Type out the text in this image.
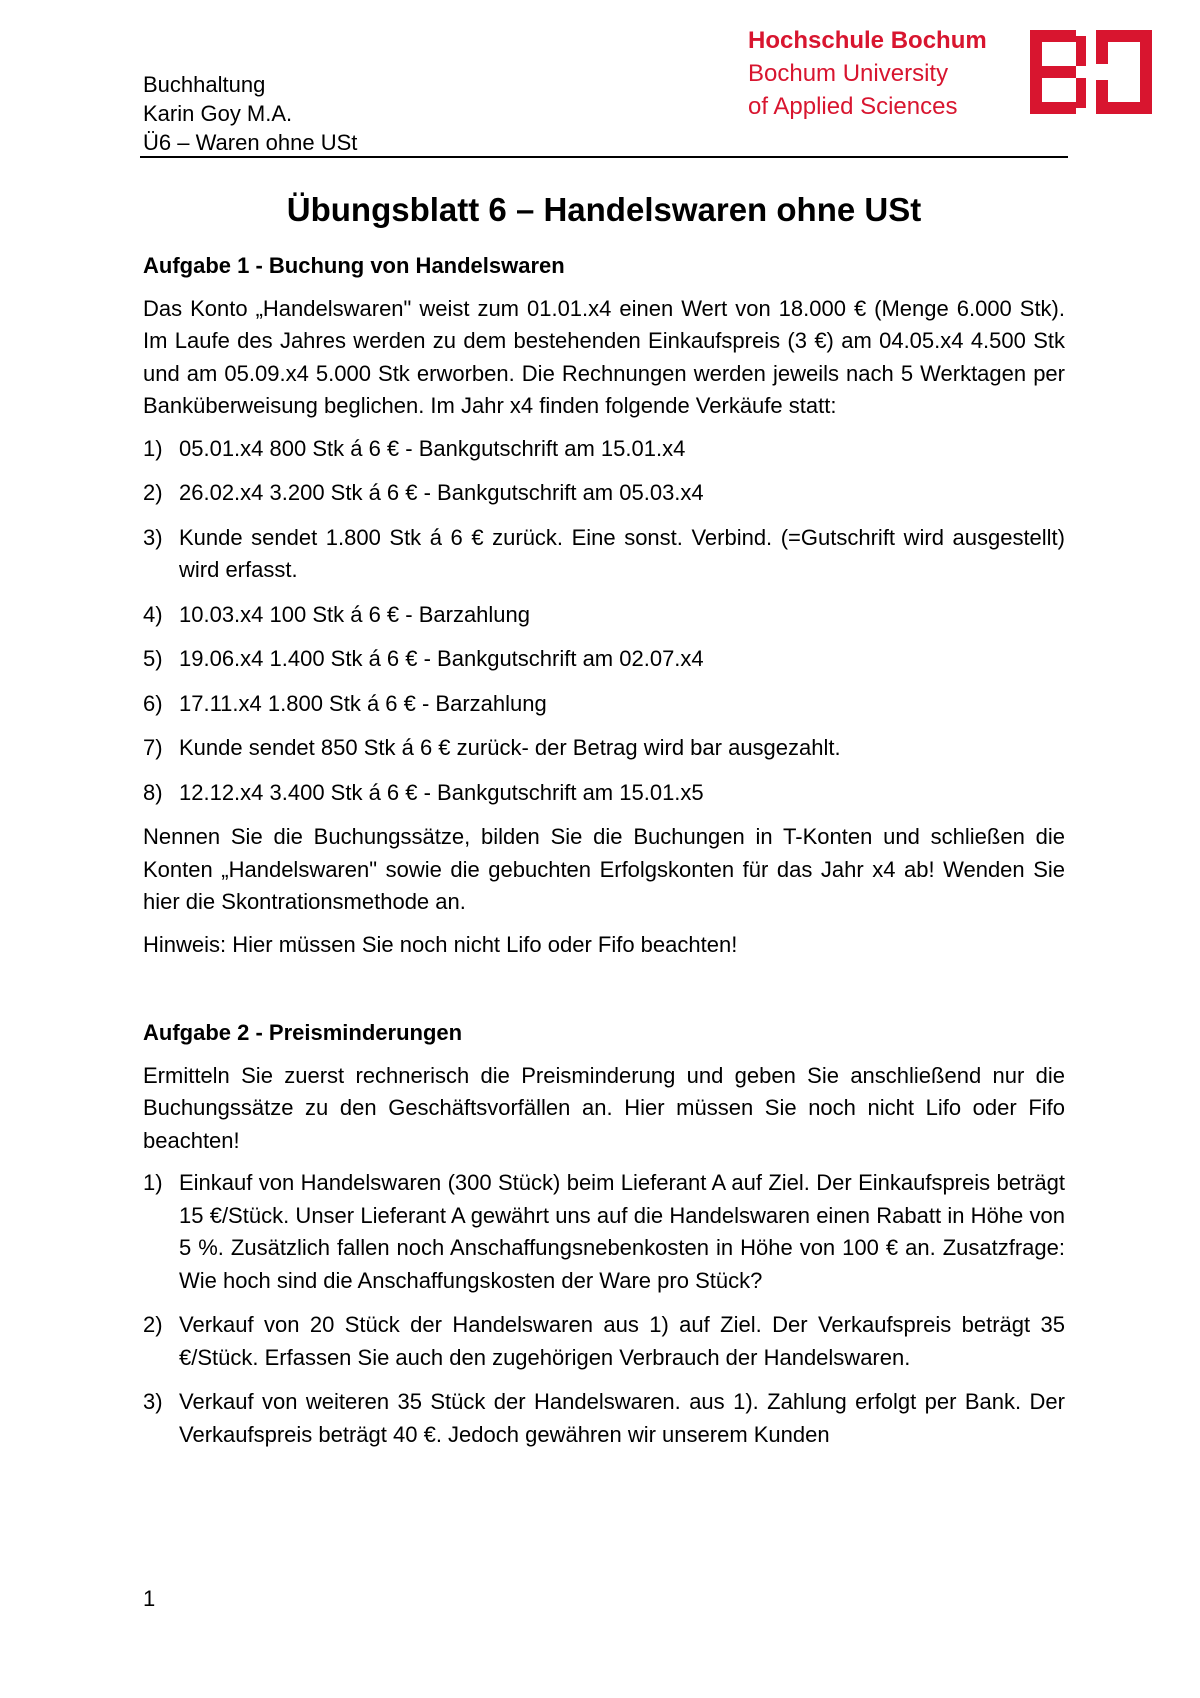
Buchhaltung
Karin Goy M.A.
Ü6 – Waren ohne USt
Hochschule Bochum
Bochum University
of Applied Sciences
Übungsblatt 6 – Handelswaren ohne USt
Aufgabe 1 - Buchung von Handelswaren

Das Konto „Handelswaren" weist zum 01.01.x4 einen Wert von 18.000 € (Menge 6.000 Stk). Im Laufe des Jahres werden zu dem bestehenden Einkaufspreis (3 €) am 04.05.x4 4.500 Stk und am 05.09.x4 5.000 Stk erworben. Die Rechnungen werden jeweils nach 5 Werktagen per Banküberweisung beglichen. Im Jahr x4 finden folgende Verkäufe statt:

1) 05.01.x4 800 Stk á 6 € - Bankgutschrift am 15.01.x4
2) 26.02.x4 3.200 Stk á 6 € - Bankgutschrift am 05.03.x4
3) Kunde sendet 1.800 Stk á 6 € zurück. Eine sonst. Verbind. (=Gutschrift wird ausgestellt) wird erfasst.
4) 10.03.x4 100 Stk á 6 € - Barzahlung
5) 19.06.x4 1.400 Stk á 6 € - Bankgutschrift am 02.07.x4
6) 17.11.x4 1.800 Stk á 6 € - Barzahlung
7) Kunde sendet 850 Stk á 6 € zurück- der Betrag wird bar ausgezahlt.
8) 12.12.x4 3.400 Stk á 6 € - Bankgutschrift am 15.01.x5

Nennen Sie die Buchungssätze, bilden Sie die Buchungen in T-Konten und schließen die Konten „Handelswaren" sowie die gebuchten Erfolgskonten für das Jahr x4 ab! Wenden Sie hier die Skontrationsmethode an.

Hinweis: Hier müssen Sie noch nicht Lifo oder Fifo beachten!

Aufgabe 2 - Preisminderungen

Ermitteln Sie zuerst rechnerisch die Preisminderung und geben Sie anschließend nur die Buchungssätze zu den Geschäftsvorfällen an. Hier müssen Sie noch nicht Lifo oder Fifo beachten!

1) Einkauf von Handelswaren (300 Stück) beim Lieferant A auf Ziel. Der Einkaufspreis beträgt 15 €/Stück. Unser Lieferant A gewährt uns auf die Handelswaren einen Rabatt in Höhe von 5 %. Zusätzlich fallen noch Anschaffungsnebenkosten in Höhe von 100 € an. Zusatzfrage: Wie hoch sind die Anschaffungskosten der Ware pro Stück?
2) Verkauf von 20 Stück der Handelswaren aus 1) auf Ziel. Der Verkaufspreis beträgt 35 €/Stück. Erfassen Sie auch den zugehörigen Verbrauch der Handelswaren.
3) Verkauf von weiteren 35 Stück der Handelswaren. aus 1). Zahlung erfolgt per Bank. Der Verkaufspreis beträgt 40 €. Jedoch gewähren wir unserem Kunden
1
